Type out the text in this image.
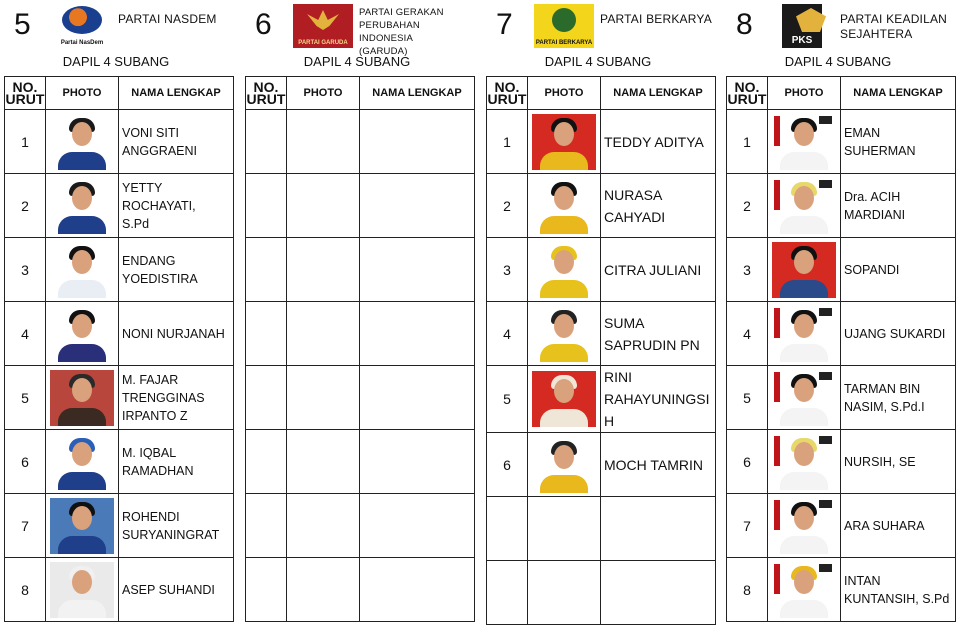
5
Partai NasDem
PARTAI NASDEM
DAPIL 4 SUBANG
NO.
URUT	PHOTO	NAMA LENGKAP
1		VONI SITI
ANGGRAENI

2		YETTY ROCHAYATI,
S.Pd

3		ENDANG
YOEDISTIRA

4		NONI NURJANAH

5		M. FAJAR
TRENGGINAS
IRPANTO Z

6		M. IQBAL
RAMADHAN

7		ROHENDI
SURYANINGRAT

8		ASEP SUHANDI
6
PARTAI GARUDA
PARTAI GERAKAN
PERUBAHAN INDONESIA
(GARUDA)
DAPIL 4 SUBANG
NO.
URUT	PHOTO	NAMA LENGKAP

7
PARTAI BERKARYA
PARTAI BERKARYA
DAPIL 4 SUBANG
NO.
URUT	PHOTO	NAMA LENGKAP
1		TEDDY ADITYA

2		NURASA
CAHYADI

3		CITRA JULIANI

4		SUMA
SAPRUDIN PN

5		RINI
RAHAYUNINGSI
H

6		MOCH TAMRIN

8	PKS
PARTAI KEADILAN
SEJAHTERA
DAPIL 4 SUBANG
NO.
URUT	PHOTO	NAMA LENGKAP
1		EMAN SUHERMAN

2		Dra. ACIH
MARDIANI

3		SOPANDI

4		UJANG SUKARDI

5		TARMAN BIN
NASIM, S.Pd.I

6		NURSIH, SE

7		ARA SUHARA

8		INTAN
KUNTANSIH, S.Pd
